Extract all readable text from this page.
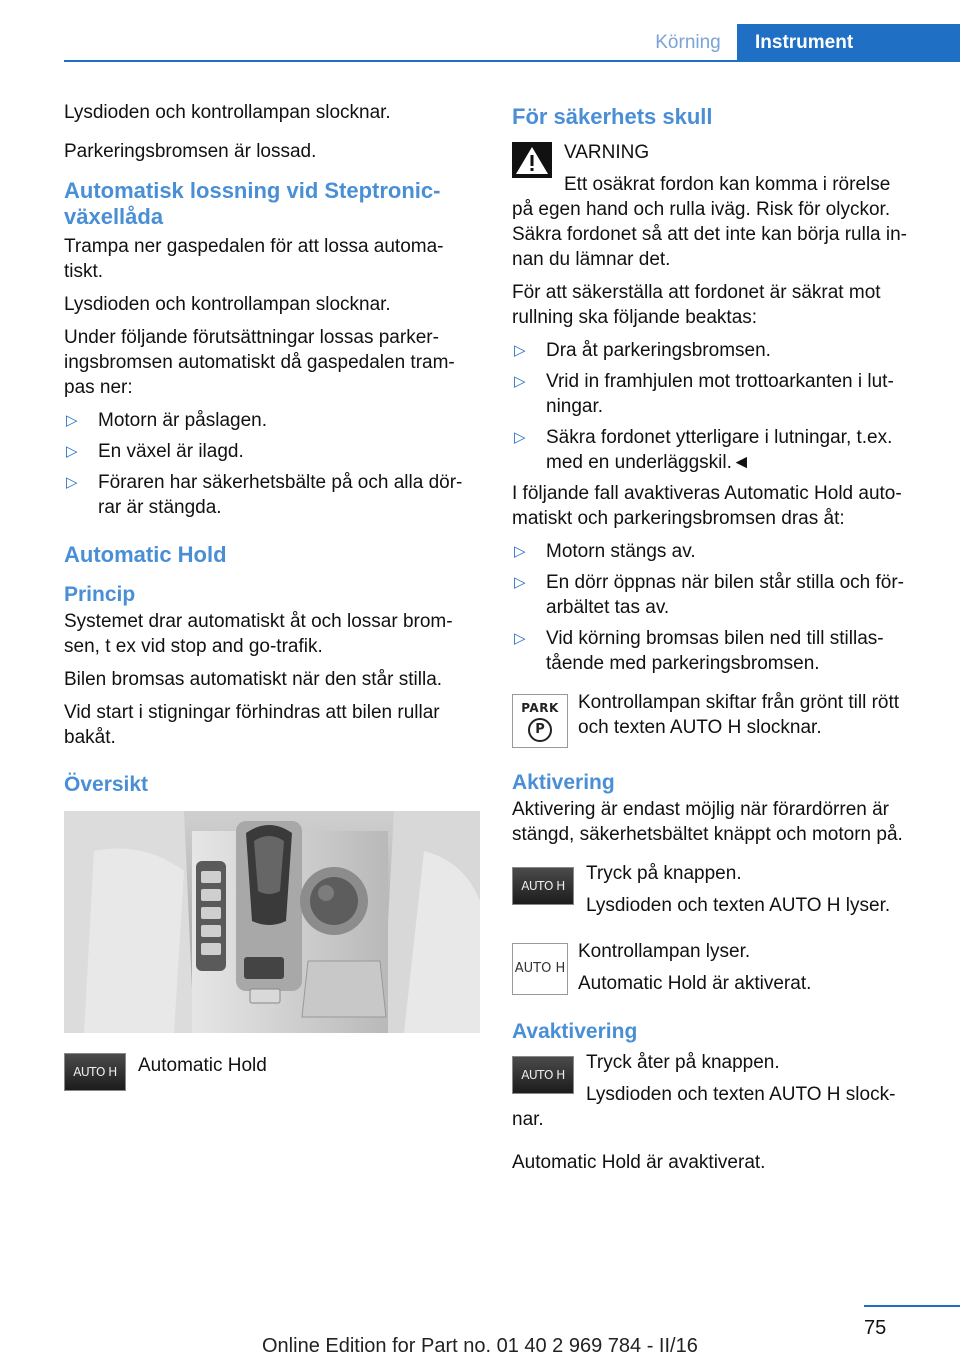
Körning	Instrument

Lysdioden och kontrollampan slocknar.

Parkeringsbromsen är lossad.

Automatisk lossning vid Steptronic-växellåda

Trampa ner gaspedalen för att lossa automa-tiskt.

Lysdioden och kontrollampan slocknar.

Under följande förutsättningar lossas parker-ingsbromsen automatiskt då gaspedalen tram-pas ner:

▷ Motorn är påslagen.
▷ En växel är ilagd.
▷ Föraren har säkerhetsbälte på och alla dör-rar är stängda.
Automatic Hold
Princip

Systemet drar automatiskt åt och lossar brom-sen, t ex vid stop and go-trafik.

Bilen bromsas automatiskt när den står stilla.

Vid start i stigningar förhindras att bilen rullar bakåt.

Översikt
AUTO H	Automatic Hold
För säkerhets skull
VARNING
Ett osäkrat fordon kan komma i rörelse

på egen hand och rulla iväg. Risk för olyckor. Säkra fordonet så att det inte kan börja rulla in-nan du lämnar det.

För att säkerställa att fordonet är säkrat mot rullning ska följande beaktas:

▷ Dra åt parkeringsbromsen.
▷ Vrid in framhjulen mot trottoarkanten i lut-ningar.
▷ Säkra fordonet ytterligare i lutningar, t.ex. med en underläggskil.◄

I följande fall avaktiveras Automatic Hold auto-matiskt och parkeringsbromsen dras åt:

▷ Motorn stängs av.
▷ En dörr öppnas när bilen står stilla och för-arbältet tas av.
▷ Vid körning bromsas bilen ned till stillas-tående med parkeringsbromsen.
PARK
P
Kontrollampan skiftar från grönt till rött och texten AUTO H slocknar.
Aktivering

Aktivering är endast möjlig när förardörren är stängd, säkerhetsbältet knäppt och motorn på.

AUTO H
Tryck på knappen.
Lysdioden och texten AUTO H lyser.
AUTO H
Kontrollampan lyser.
Automatic Hold är aktiverat.
Avaktivering
AUTO H
Tryck åter på knappen.
Lysdioden och texten AUTO H slock-

nar.

Automatic Hold är avaktiverat.

75
Online Edition for Part no. 01 40 2 969 784 - II/16
